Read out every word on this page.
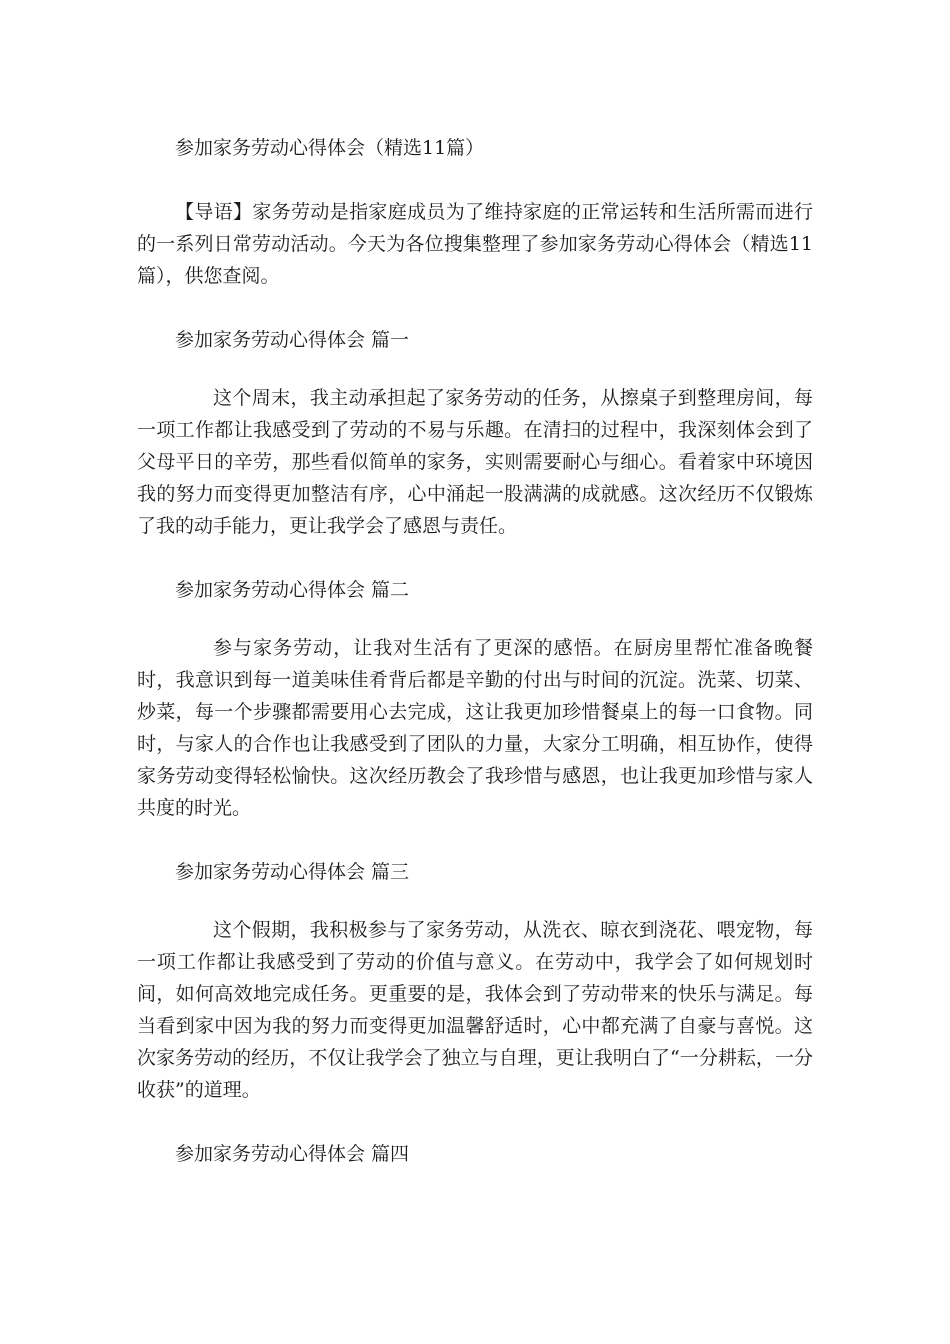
参加家务劳动心得体会（精选11篇）

【导语】家务劳动是指家庭成员为了维持家庭的正常运转和生活所需而进行的一系列日常劳动活动。今天为各位搜集整理了参加家务劳动心得体会（精选11篇），供您查阅。

参加家务劳动心得体会 篇一

这个周末，我主动承担起了家务劳动的任务，从擦桌子到整理房间，每一项工作都让我感受到了劳动的不易与乐趣。在清扫的过程中，我深刻体会到了父母平日的辛劳，那些看似简单的家务，实则需要耐心与细心。看着家中环境因我的努力而变得更加整洁有序，心中涌起一股满满的成就感。这次经历不仅锻炼了我的动手能力，更让我学会了感恩与责任。

参加家务劳动心得体会 篇二

参与家务劳动，让我对生活有了更深的感悟。在厨房里帮忙准备晚餐时，我意识到每一道美味佳肴背后都是辛勤的付出与时间的沉淀。洗菜、切菜、炒菜，每一个步骤都需要用心去完成，这让我更加珍惜餐桌上的每一口食物。同时，与家人的合作也让我感受到了团队的力量，大家分工明确，相互协作，使得家务劳动变得轻松愉快。这次经历教会了我珍惜与感恩，也让我更加珍惜与家人共度的时光。

参加家务劳动心得体会 篇三

这个假期，我积极参与了家务劳动，从洗衣、晾衣到浇花、喂宠物，每一项工作都让我感受到了劳动的价值与意义。在劳动中，我学会了如何规划时间，如何高效地完成任务。更重要的是，我体会到了劳动带来的快乐与满足。每当看到家中因为我的努力而变得更加温馨舒适时，心中都充满了自豪与喜悦。这次家务劳动的经历，不仅让我学会了独立与自理，更让我明白了“一分耕耘，一分收获”的道理。

参加家务劳动心得体会 篇四
